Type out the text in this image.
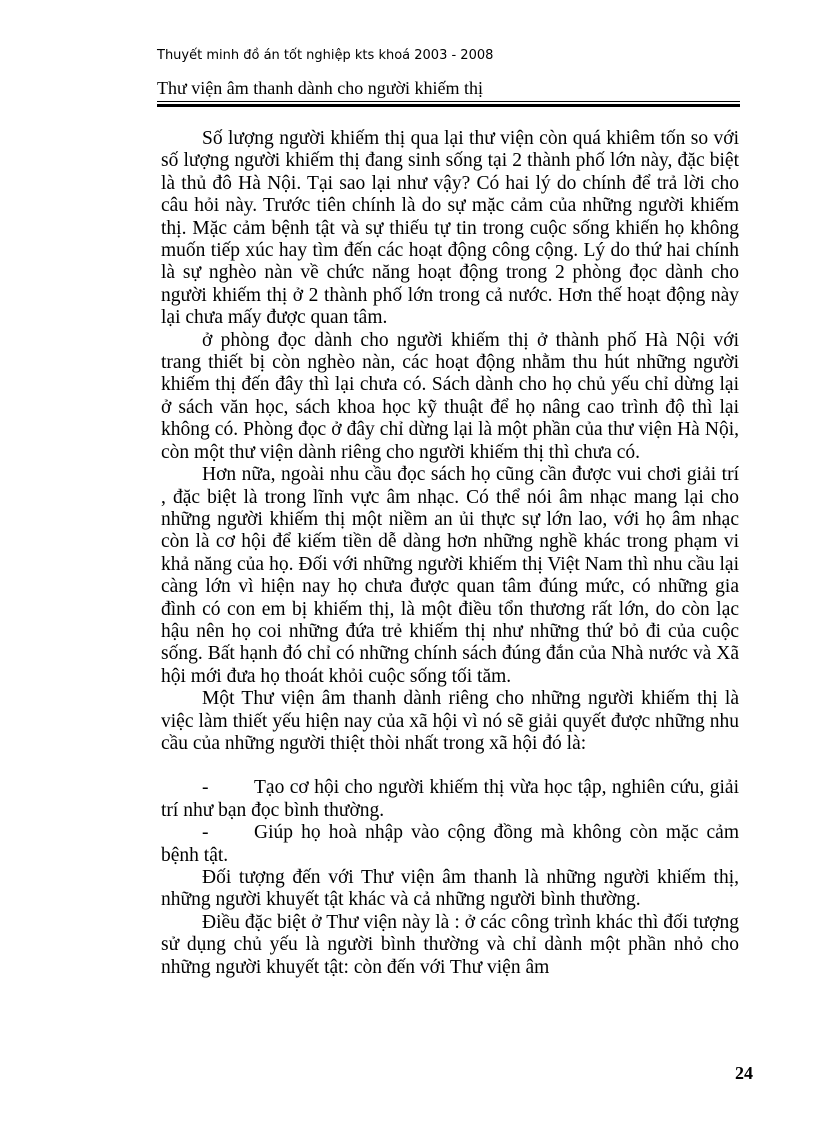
Thuyết minh đồ án tốt nghiệp kts khoá 2003 - 2008
Thư viện âm thanh dành cho người khiếm thị

Số lượng người khiếm thị qua lại thư viện còn quá khiêm tốn so với số lượng người khiếm thị đang sinh sống tại 2 thành phố lớn này, đặc biệt là thủ đô Hà Nội. Tại sao lại như vậy? Có hai lý do chính để trả lời cho câu hỏi này. Trước tiên chính là do sự mặc cảm của những người khiếm thị. Mặc cảm bệnh tật và sự thiếu tự tin trong cuộc sống khiến họ không muốn tiếp xúc hay tìm đến các hoạt động công cộng. Lý do thứ hai chính là sự nghèo nàn về chức năng hoạt động trong 2 phòng đọc dành cho người khiếm thị ở 2 thành phố lớn trong cả nước. Hơn thế hoạt động này lại chưa mấy được quan tâm.

ở phòng đọc dành cho người khiếm thị ở thành phố Hà Nội với trang thiết bị còn nghèo nàn, các hoạt động nhằm thu hút những người khiếm thị đến đây thì lại chưa có. Sách dành cho họ chủ yếu chỉ dừng lại ở sách văn học, sách khoa học kỹ thuật để họ nâng cao trình độ thì lại không có. Phòng đọc ở đây chỉ dừng lại là một phần của thư viện Hà Nội, còn một thư viện dành riêng cho người khiếm thị thì chưa có.

Hơn nữa, ngoài nhu cầu đọc sách họ cũng cần được vui chơi giải trí , đặc biệt là trong lĩnh vực âm nhạc. Có thể nói âm nhạc mang lại cho những người khiếm thị một niềm an ủi thực sự lớn lao, với họ âm nhạc còn là cơ hội để kiếm tiền dễ dàng hơn những nghề khác trong phạm vi khả năng của họ. Đối với những người khiếm thị Việt Nam thì nhu cầu lại càng lớn vì hiện nay họ chưa được quan tâm đúng mức, có những gia đình có con em bị khiếm thị, là một điều tổn thương rất lớn, do còn lạc hậu nên họ coi những đứa trẻ khiếm thị như những thứ bỏ đi của cuộc sống. Bất hạnh đó chỉ có những chính sách đúng đắn của Nhà nước và Xã hội mới đưa họ thoát khỏi cuộc sống tối tăm.

Một Thư viện âm thanh dành riêng cho những người khiếm thị là việc làm thiết yếu hiện nay của xã hội vì nó sẽ giải quyết được những nhu cầu của những người thiệt thòi nhất trong xã hội đó là:

- Tạo cơ hội cho người khiếm thị vừa học tập, nghiên cứu, giải trí như bạn đọc bình thường.

- Giúp họ hoà nhập vào cộng đồng mà không còn mặc cảm bệnh tật.

Đối tượng đến với Thư viện âm thanh là những người khiếm thị, những người khuyết tật khác và cả những người bình thường.

Điều đặc biệt ở Thư viện này là : ở các công trình khác thì đối tượng sử dụng chủ yếu là người bình thường và chỉ dành một phần nhỏ cho những người khuyết tật: còn đến với Thư viện âm

24
